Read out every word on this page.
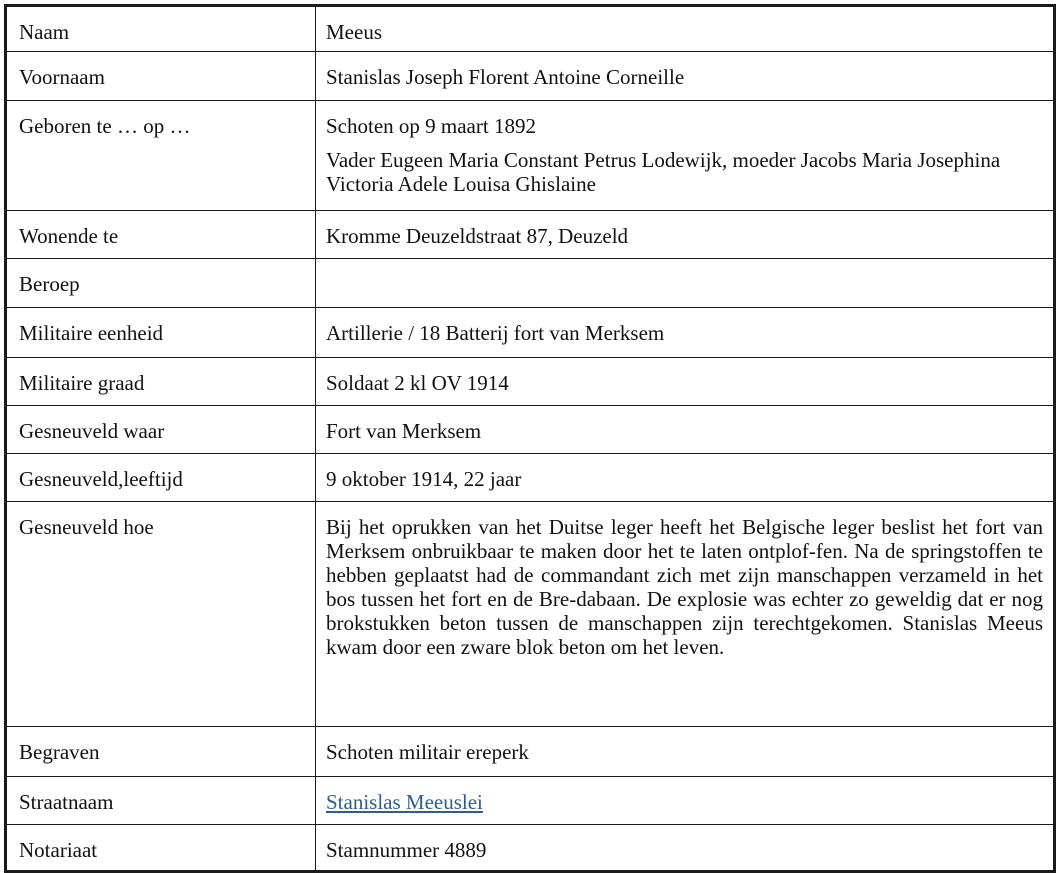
Naam	Meeus
Voornaam	Stanislas Joseph Florent Antoine Corneille
Geboren te … op …	Schoten op 9 maart 1892

Vader Eugeen Maria Constant Petrus Lodewijk, moeder Jacobs Maria Josephina Victoria Adele Louisa Ghislaine

Wonende te	Kromme Deuzeldstraat 87, Deuzeld
Beroep	
Militaire eenheid	Artillerie / 18 Batterij fort van Merksem
Militaire graad	Soldaat 2 kl OV 1914
Gesneuveld waar	Fort van Merksem
Gesneuveld,leeftijd	9 oktober 1914, 22 jaar
Gesneuveld hoe	Bij het oprukken van het Duitse leger heeft het Belgische leger beslist het fort van Merksem onbruikbaar te maken door het te laten ontplof-fen. Na de springstoffen te hebben geplaatst had de commandant zich met zijn manschappen verzameld in het bos tussen het fort en de Bre-dabaan. De explosie was echter zo geweldig dat er nog brokstukken beton tussen de manschappen zijn terechtgekomen. Stanislas Meeus kwam door een zware blok beton om het leven.
Begraven	Schoten militair ereperk
Straatnaam	Stanislas Meeuslei
Notariaat	Stamnummer 4889
